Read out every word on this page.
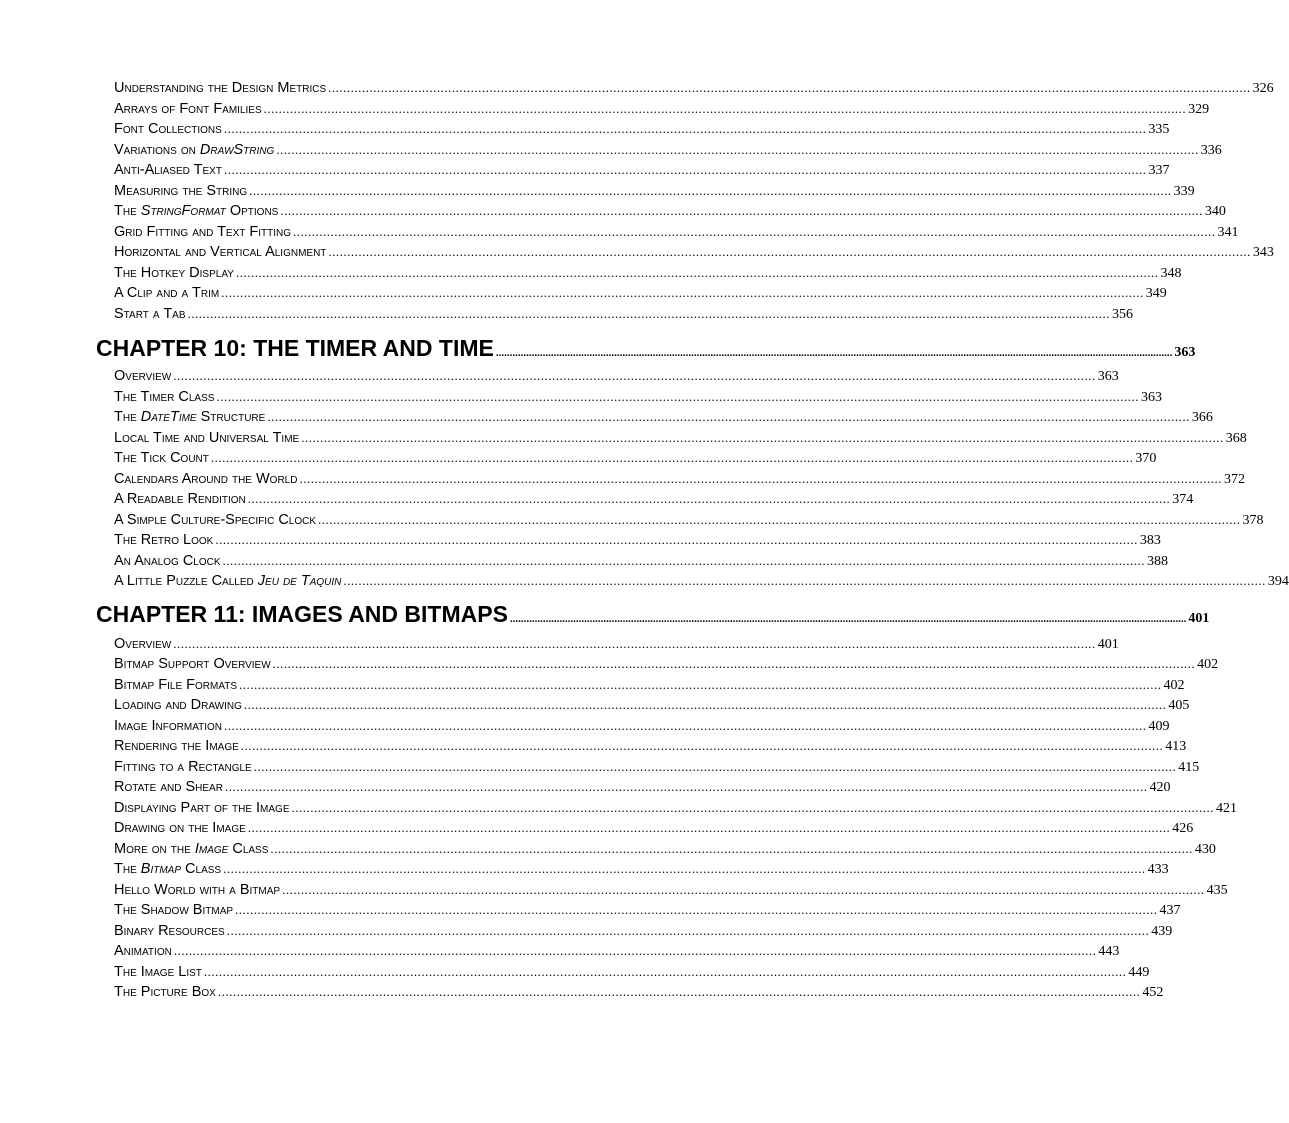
Understanding the Design Metrics ...................................................................................................................................................................................................................................................... 326
Arrays of Font Families ...................................................................................................................................................................................................................................................... 329
Font Collections ...................................................................................................................................................................................................................................................... 335
Variations on DrawString ...................................................................................................................................................................................................................................................... 336
Anti-Aliased Text ...................................................................................................................................................................................................................................................... 337
Measuring the String ...................................................................................................................................................................................................................................................... 339
The StringFormat Options ...................................................................................................................................................................................................................................................... 340
Grid Fitting and Text Fitting ...................................................................................................................................................................................................................................................... 341
Horizontal and Vertical Alignment ...................................................................................................................................................................................................................................................... 343
The Hotkey Display ...................................................................................................................................................................................................................................................... 348
A Clip and a Trim ...................................................................................................................................................................................................................................................... 349
Start a Tab ...................................................................................................................................................................................................................................................... 356
CHAPTER 10: THE TIMER AND TIME ...................................................................................................................................................................................................................................................... 363
Overview ...................................................................................................................................................................................................................................................... 363
The Timer Class ...................................................................................................................................................................................................................................................... 363
The DateTime Structure ...................................................................................................................................................................................................................................................... 366
Local Time and Universal Time ...................................................................................................................................................................................................................................................... 368
The Tick Count ...................................................................................................................................................................................................................................................... 370
Calendars Around the World ...................................................................................................................................................................................................................................................... 372
A Readable Rendition ...................................................................................................................................................................................................................................................... 374
A Simple Culture-Specific Clock ...................................................................................................................................................................................................................................................... 378
The Retro Look ...................................................................................................................................................................................................................................................... 383
An Analog Clock ...................................................................................................................................................................................................................................................... 388
A Little Puzzle Called Jeu de Taquin ...................................................................................................................................................................................................................................................... 394
CHAPTER 11: IMAGES AND BITMAPS ...................................................................................................................................................................................................................................................... 401
Overview ...................................................................................................................................................................................................................................................... 401
Bitmap Support Overview ...................................................................................................................................................................................................................................................... 402
Bitmap File Formats ...................................................................................................................................................................................................................................................... 402
Loading and Drawing ...................................................................................................................................................................................................................................................... 405
Image Information ...................................................................................................................................................................................................................................................... 409
Rendering the Image ...................................................................................................................................................................................................................................................... 413
Fitting to a Rectangle ...................................................................................................................................................................................................................................................... 415
Rotate and Shear ...................................................................................................................................................................................................................................................... 420
Displaying Part of the Image ...................................................................................................................................................................................................................................................... 421
Drawing on the Image ...................................................................................................................................................................................................................................................... 426
More on the Image Class ...................................................................................................................................................................................................................................................... 430
The Bitmap Class ...................................................................................................................................................................................................................................................... 433
Hello World with a Bitmap ...................................................................................................................................................................................................................................................... 435
The Shadow Bitmap ...................................................................................................................................................................................................................................................... 437
Binary Resources ...................................................................................................................................................................................................................................................... 439
Animation ...................................................................................................................................................................................................................................................... 443
The Image List ...................................................................................................................................................................................................................................................... 449
The Picture Box ...................................................................................................................................................................................................................................................... 452
